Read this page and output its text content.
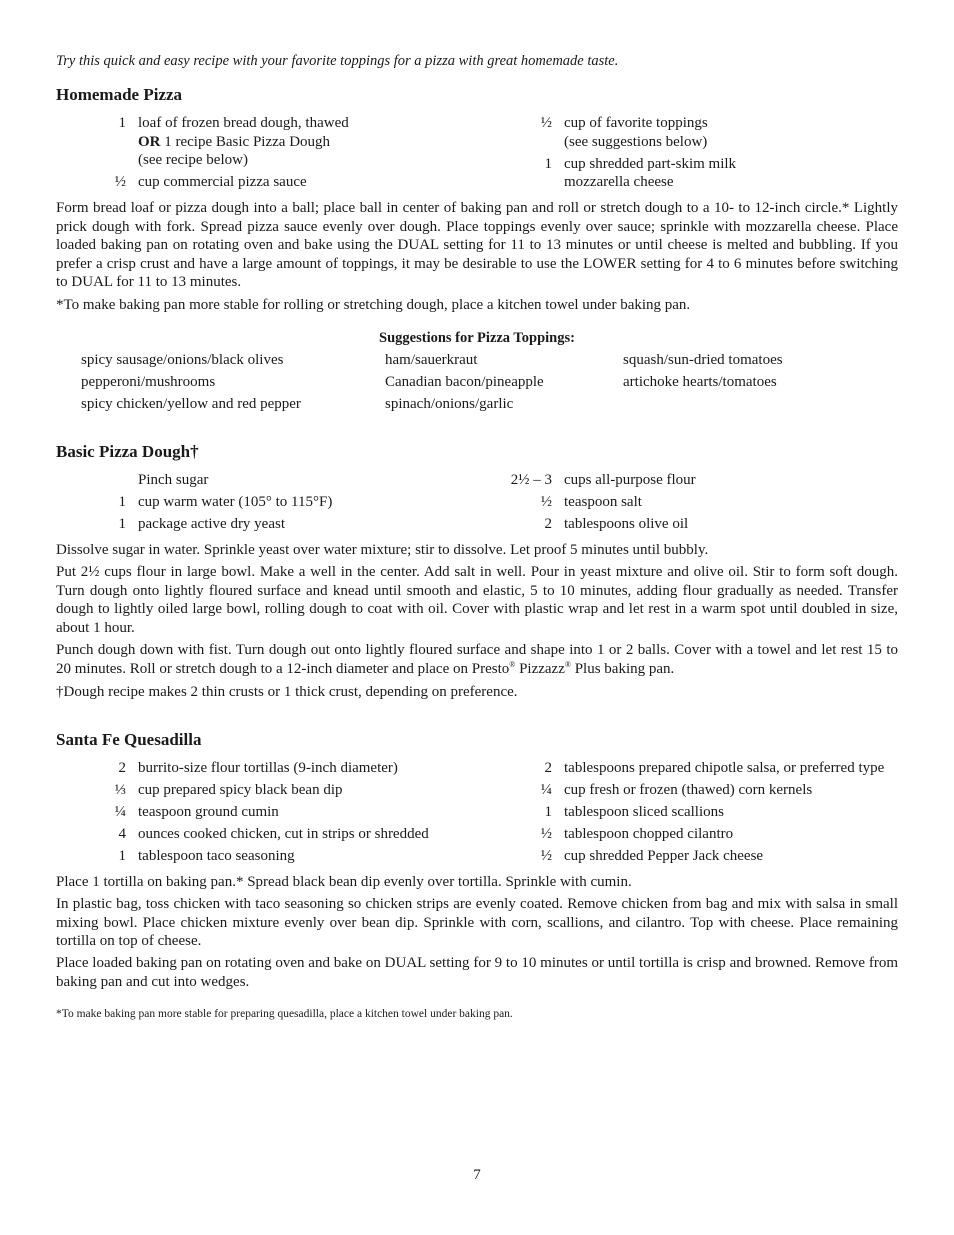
Try this quick and easy recipe with your favorite toppings for a pizza with great homemade taste.
Homemade Pizza
1 loaf of frozen bread dough, thawed
OR 1 recipe Basic Pizza Dough
(see recipe below)
½ cup commercial pizza sauce
½ cup of favorite toppings
(see suggestions below)
1 cup shredded part-skim milk
mozzarella cheese

Form bread loaf or pizza dough into a ball; place ball in center of baking pan and roll or stretch dough to a 10- to 12-inch circle.* Lightly prick dough with fork. Spread pizza sauce evenly over dough. Place toppings evenly over sauce; sprinkle with mozzarella cheese. Place loaded baking pan on rotating oven and bake using the DUAL setting for 11 to 13 minutes or until cheese is melted and bubbling. If you prefer a crisp crust and have a large amount of toppings, it may be desirable to use the LOWER setting for 4 to 6 minutes before switching to DUAL for 11 to 13 minutes.

*To make baking pan more stable for rolling or stretching dough, place a kitchen towel under baking pan.
Suggestions for Pizza Toppings:
spicy sausage/onions/black olives
pepperoni/mushrooms
spicy chicken/yellow and red pepper
ham/sauerkraut
Canadian bacon/pineapple
spinach/onions/garlic
squash/sun-dried tomatoes
artichoke hearts/tomatoes
Basic Pizza Dough†
Pinch sugar
1 cup warm water (105° to 115°F)
1 package active dry yeast
2½ – 3 cups all-purpose flour
½ teaspoon salt
2 tablespoons olive oil

Dissolve sugar in water. Sprinkle yeast over water mixture; stir to dissolve. Let proof 5 minutes until bubbly.

Put 2½ cups flour in large bowl. Make a well in the center. Add salt in well. Pour in yeast mixture and olive oil. Stir to form soft dough. Turn dough onto lightly floured surface and knead until smooth and elastic, 5 to 10 minutes, adding flour gradually as needed. Transfer dough to lightly oiled large bowl, rolling dough to coat with oil. Cover with plastic wrap and let rest in a warm spot until doubled in size, about 1 hour.

Punch dough down with fist. Turn dough out onto lightly floured surface and shape into 1 or 2 balls. Cover with a towel and let rest 15 to 20 minutes. Roll or stretch dough to a 12-inch diameter and place on Presto® Pizzazz® Plus baking pan.

†Dough recipe makes 2 thin crusts or 1 thick crust, depending on preference.
Santa Fe Quesadilla
2 burrito-size flour tortillas (9-inch diameter)
⅓ cup prepared spicy black bean dip
¼ teaspoon ground cumin
4 ounces cooked chicken, cut in strips or shredded
1 tablespoon taco seasoning
2 tablespoons prepared chipotle salsa, or preferred type
¼ cup fresh or frozen (thawed) corn kernels
1 tablespoon sliced scallions
½ tablespoon chopped cilantro
½ cup shredded Pepper Jack cheese

Place 1 tortilla on baking pan.* Spread black bean dip evenly over tortilla. Sprinkle with cumin.

In plastic bag, toss chicken with taco seasoning so chicken strips are evenly coated. Remove chicken from bag and mix with salsa in small mixing bowl. Place chicken mixture evenly over bean dip. Sprinkle with corn, scallions, and cilantro. Top with cheese. Place remaining tortilla on top of cheese.

Place loaded baking pan on rotating oven and bake on DUAL setting for 9 to 10 minutes or until tortilla is crisp and browned. Remove from baking pan and cut into wedges.

*To make baking pan more stable for preparing quesadilla, place a kitchen towel under baking pan.
7
